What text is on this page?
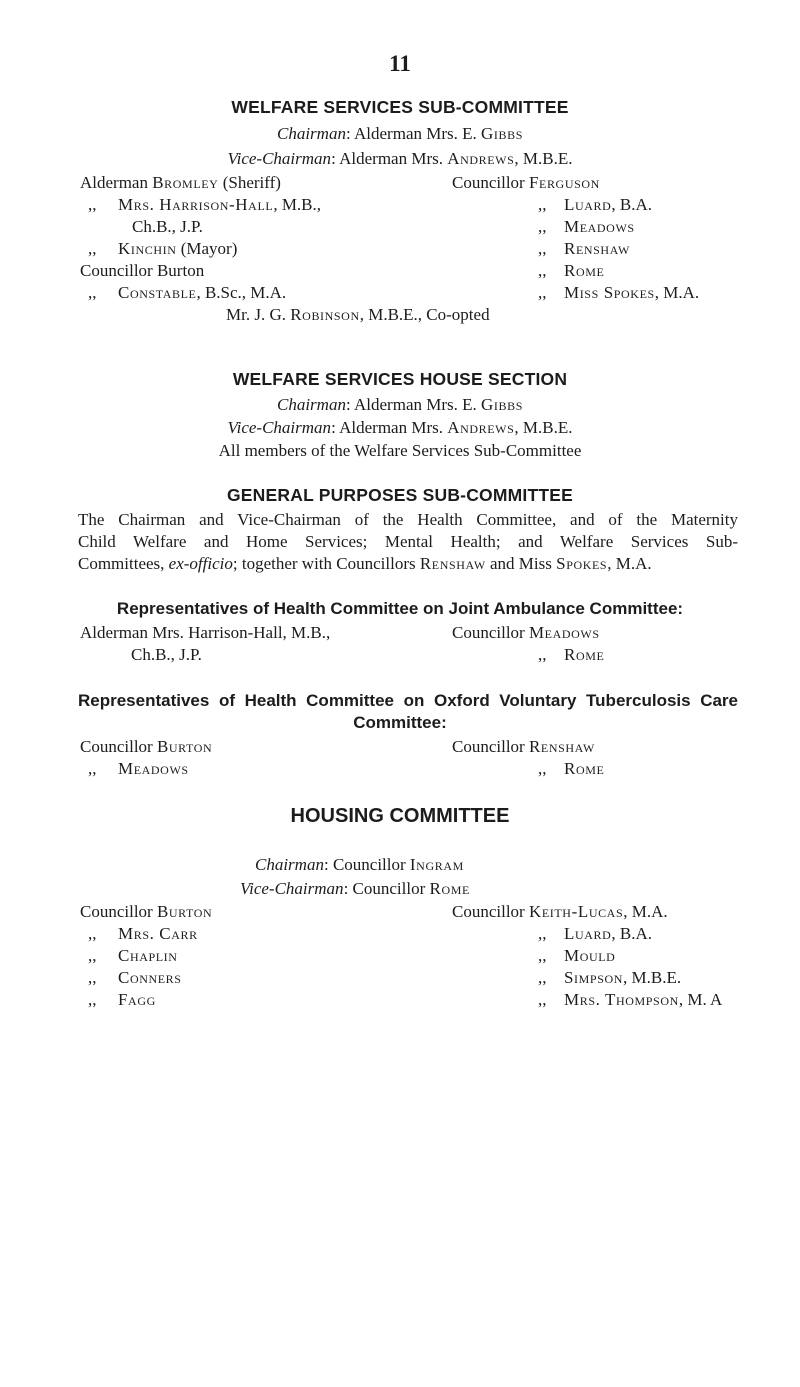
11
WELFARE SERVICES SUB-COMMITTEE
Chairman: Alderman Mrs. E. Gibbs
Vice-Chairman: Alderman Mrs. Andrews, M.B.E.
Alderman Bromley (Sheriff)
,, Mrs. Harrison-Hall, M.B.,
Ch.B., J.P.
,, Kinchin (Mayor)
Councillor Burton
,, Constable, B.Sc., M.A.
Councillor Ferguson
,, Luard, B.A.
,, Meadows
,, Renshaw
,, Rome
,, Miss Spokes, M.A.
Mr. J. G. Robinson, M.B.E., Co-opted
WELFARE SERVICES HOUSE SECTION
Chairman: Alderman Mrs. E. Gibbs
Vice-Chairman: Alderman Mrs. Andrews, M.B.E.
All members of the Welfare Services Sub-Committee
GENERAL PURPOSES SUB-COMMITTEE
The Chairman and Vice-Chairman of the Health Committee, and of the Maternity
Child Welfare and Home Services; Mental Health; and Welfare Services Sub-
Committees, ex-officio; together with Councillors Renshaw and Miss Spokes, M.A.
Representatives of Health Committee on Joint Ambulance Committee:
Alderman Mrs. Harrison-Hall, M.B.,
Ch.B., J.P.
Councillor Meadows
,, Rome
Representatives of Health Committee on Oxford Voluntary Tuberculosis Care
Committee:
Councillor Burton
,, Meadows
Councillor Renshaw
,, Rome
HOUSING COMMITTEE
Chairman: Councillor Ingram
Vice-Chairman: Councillor Rome
Councillor Burton
,, Mrs. Carr
,, Chaplin
,, Conners
,, Fagg
Councillor Keith-Lucas, M.A.
,, Luard, B.A.
,, Mould
,, Simpson, M.B.E.
,, Mrs. Thompson, M. A
